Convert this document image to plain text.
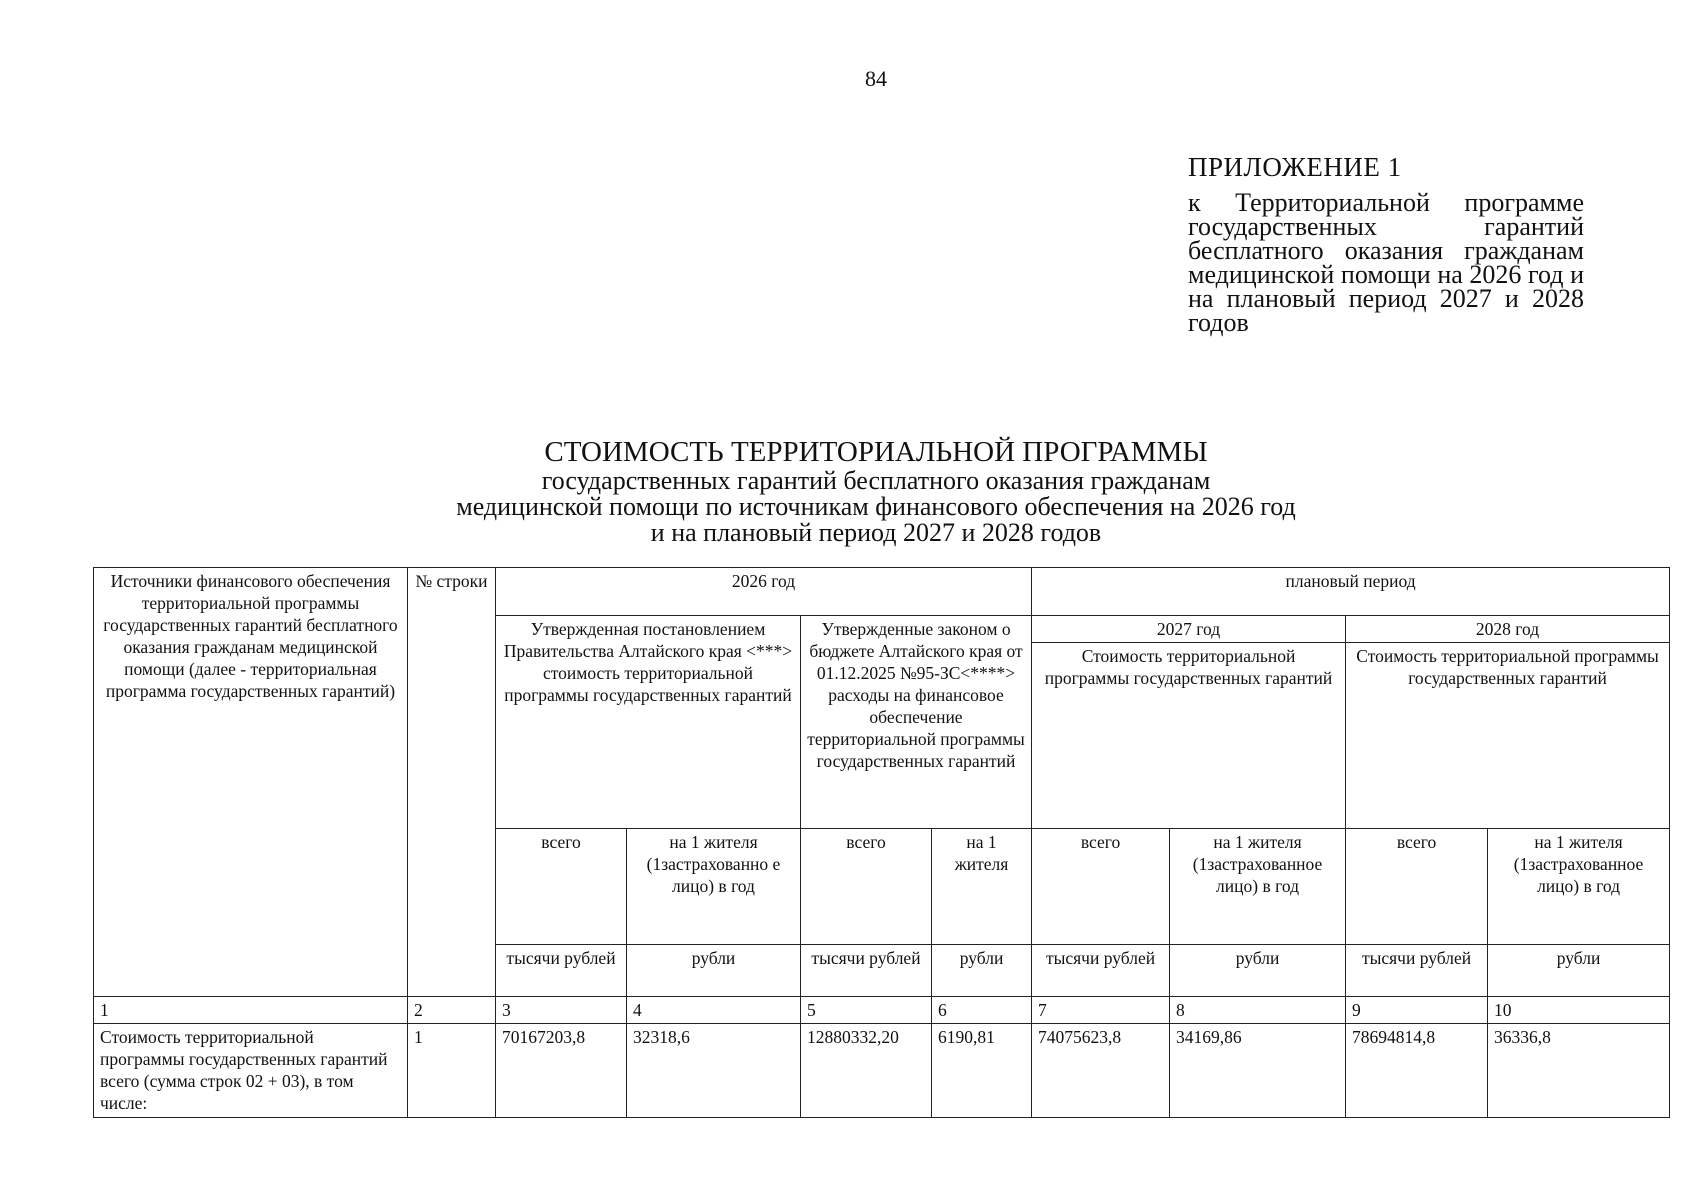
84
ПРИЛОЖЕНИЕ 1
к Территориальной программе государственных гарантий бесплатного оказания гражданам медицинской помощи на 2026 год и на плановый период 2027 и 2028 годов
СТОИМОСТЬ ТЕРРИТОРИАЛЬНОЙ ПРОГРАММЫ
государственных гарантий бесплатного оказания гражданам
медицинской помощи по источникам финансового обеспечения на 2026 год
и на плановый период 2027 и 2028 годов
Источники финансового обеспечения территориальной программы государственных гарантий бесплатного оказания гражданам медицинской помощи (далее - территориальная программа государственных гарантий)	№ строки	2026 год				плановый период			
		Утвержденная постановлением Правительства Алтайского края <***> стоимость территориальной программы государственных гарантий		Утвержденные законом о бюджете Алтайского края от 01.12.2025 №95-ЗС<****> расходы на финансовое обеспечение территориальной программы государственных гарантий		2027 год		2028 год	
						Стоимость территориальной программы государственных гарантий		Стоимость территориальной программы государственных гарантий	
		всего	на 1 жителя (1застрахованно е лицо) в год	всего	на 1 жителя	всего	на 1 жителя (1застрахованное лицо) в год	всего	на 1 жителя (1застрахованное лицо) в год
		тысячи рублей	рубли	тысячи рублей	рубли	тысячи рублей	рубли	тысячи рублей	рубли
1	2	3	4	5	6	7	8	9	10
Стоимость территориальной программы государственных гарантий всего (сумма строк 02 + 03), в том числе:	1	70167203,8	32318,6	12880332,20	6190,81	74075623,8	34169,86	78694814,8	36336,8
